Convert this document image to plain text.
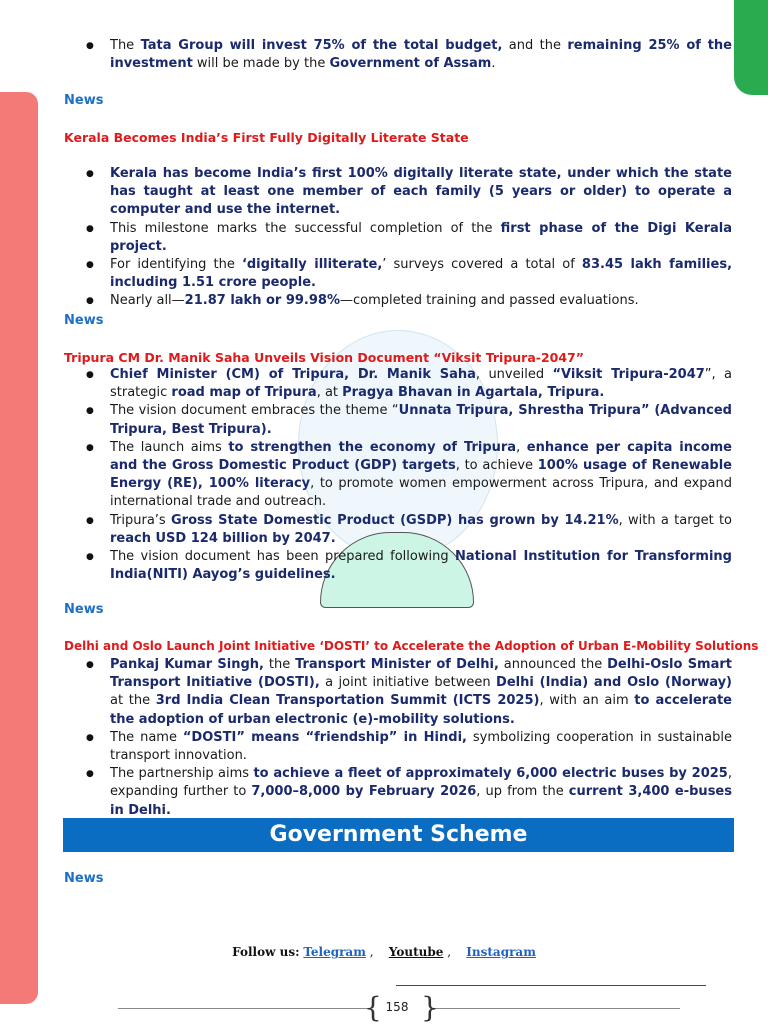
● The Tata Group will invest 75% of the total budget, and the remaining 25% of the investment will be made by the Government of Assam.
News
Kerala Becomes India’s First Fully Digitally Literate State
● Kerala has become India’s first 100% digitally literate state, under which the state has taught at least one member of each family (5 years or older) to operate a computer and use the internet.
● This milestone marks the successful completion of the first phase of the Digi Kerala project.
● For identifying the ‘digitally illiterate,’ surveys covered a total of 83.45 lakh families, including 1.51 crore people.
● Nearly all—21.87 lakh or 99.98%—completed training and passed evaluations.
News
Tripura CM Dr. Manik Saha Unveils Vision Document “Viksit Tripura-2047”
● Chief Minister (CM) of Tripura, Dr. Manik Saha, unveiled “Viksit Tripura-2047”, a strategic road map of Tripura, at Pragya Bhavan in Agartala, Tripura.
● The vision document embraces the theme “Unnata Tripura, Shrestha Tripura” (Advanced Tripura, Best Tripura).
● The launch aims to strengthen the economy of Tripura, enhance per capita income and the Gross Domestic Product (GDP) targets, to achieve 100% usage of Renewable Energy (RE), 100% literacy, to promote women empowerment across Tripura, and expand international trade and outreach.
● Tripura’s Gross State Domestic Product (GSDP) has grown by 14.21%, with a target to reach USD 124 billion by 2047.
● The vision document has been prepared following National Institution for Transforming India(NITI) Aayog’s guidelines.
News
Delhi and Oslo Launch Joint Initiative ‘DOSTI’ to Accelerate the Adoption of Urban E-Mobility Solutions
● Pankaj Kumar Singh, the Transport Minister of Delhi, announced the Delhi-Oslo Smart Transport Initiative (DOSTI), a joint initiative between Delhi (India) and Oslo (Norway) at the 3rd India Clean Transportation Summit (ICTS 2025), with an aim to accelerate the adoption of urban electronic (e)-mobility solutions.
● The name “DOSTI” means “friendship” in Hindi, symbolizing cooperation in sustainable transport innovation.
● The partnership aims to achieve a fleet of approximately 6,000 electric buses by 2025, expanding further to 7,000–8,000 by February 2026, up from the current 3,400 e-buses in Delhi.
News
Government Scheme
Follow us: Telegram , Youtube , Instagram
{ }
158
